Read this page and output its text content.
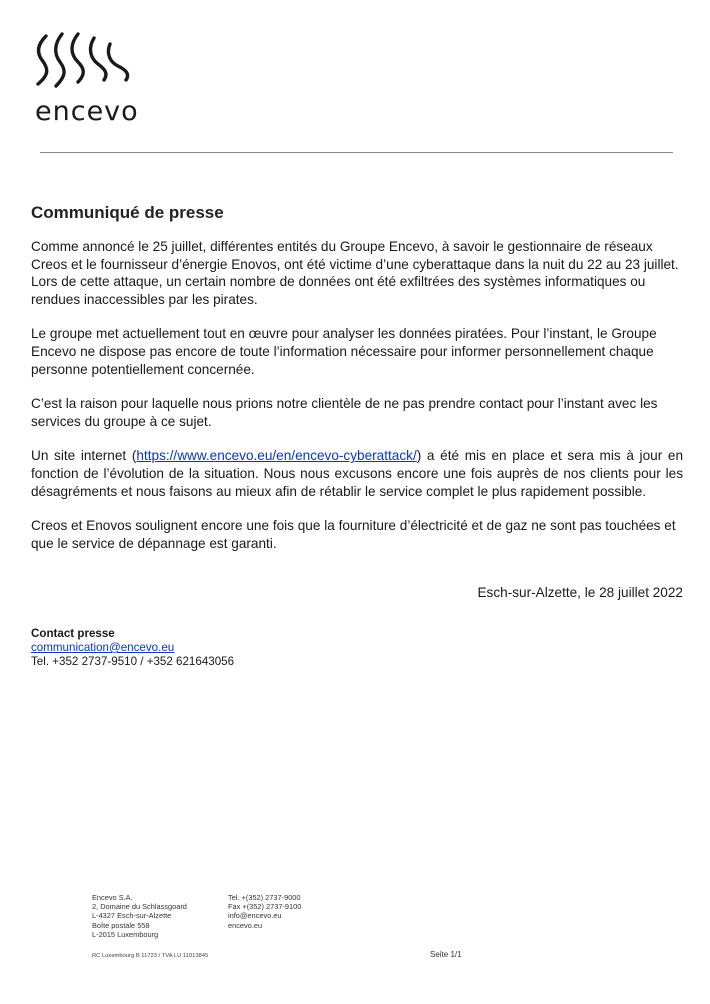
encevo
Communiqué de presse

Comme annoncé le 25 juillet, différentes entités du Groupe Encevo, à savoir le gestionnaire de réseaux Creos et le fournisseur d’énergie Enovos, ont été victime d’une cyberattaque dans la nuit du 22 au 23 juillet. Lors de cette attaque, un certain nombre de données ont été exfiltrées des systèmes informatiques ou rendues inaccessibles par les pirates.

Le groupe met actuellement tout en œuvre pour analyser les données piratées. Pour l’instant, le Groupe Encevo ne dispose pas encore de toute l’information nécessaire pour informer personnellement chaque personne potentiellement concernée.

C’est la raison pour laquelle nous prions notre clientèle de ne pas prendre contact pour l’instant avec les services du groupe à ce sujet.

Un site internet (https://www.encevo.eu/en/encevo-cyberattack/) a été mis en place et sera mis à jour en fonction de l’évolution de la situation. Nous nous excusons encore une fois auprès de nos clients pour les désagréments et nous faisons au mieux afin de rétablir le service complet le plus rapidement possible.

Creos et Enovos soulignent encore une fois que la fourniture d’électricité et de gaz ne sont pas touchées et que le service de dépannage est garanti.

Esch-sur-Alzette, le 28 juillet 2022
Contact presse
communication@encevo.eu
Tel. +352 2737-9510 / +352 621643056
Encevo S.A.
2, Domaine du Schlassgoard
L-4327 Esch-sur-Alzette
Boîte postale 558
L-2015 Luxembourg
Tel. +(352) 2737-9000
Fax +(352) 2737-9100
info@encevo.eu
encevo.eu
RC Luxembourg B 11723 / TVA LU 11013845	Seite 1/1
